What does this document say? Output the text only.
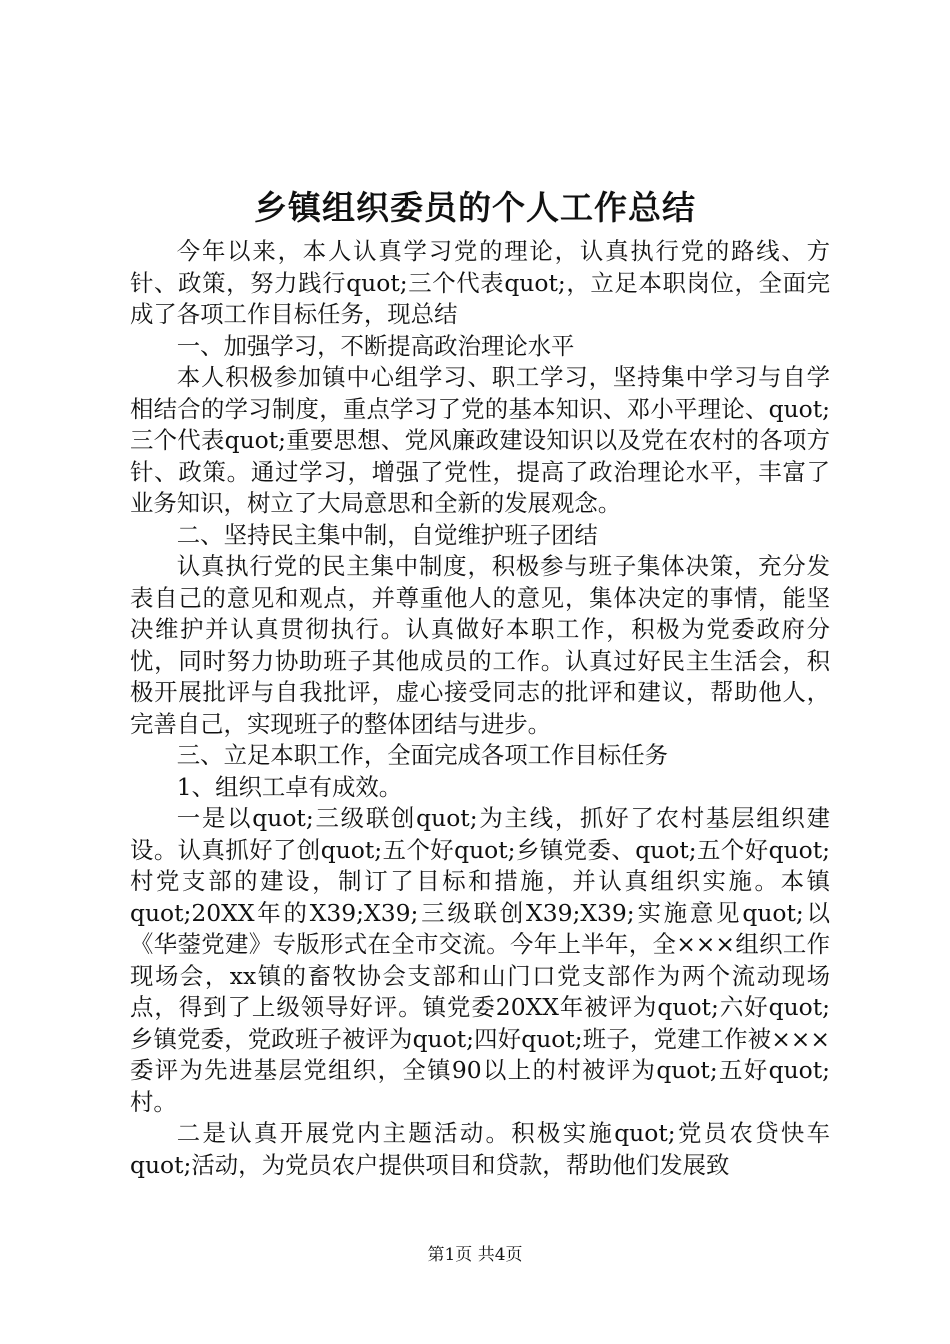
乡镇组织委员的个人工作总结

今年以来，本人认真学习党的理论，认真执行党的路线、方针、政策，努力践行quot;三个代表quot;，立足本职岗位，全面完成了各项工作目标任务，现总结

一、加强学习，不断提高政治理论水平

本人积极参加镇中心组学习、职工学习，坚持集中学习与自学相结合的学习制度，重点学习了党的基本知识、邓小平理论、quot;三个代表quot;重要思想、党风廉政建设知识以及党在农村的各项方针、政策。通过学习，增强了党性，提高了政治理论水平，丰富了业务知识，树立了大局意思和全新的发展观念。

二、坚持民主集中制，自觉维护班子团结

认真执行党的民主集中制度，积极参与班子集体决策，充分发表自己的意见和观点，并尊重他人的意见，集体决定的事情，能坚决维护并认真贯彻执行。认真做好本职工作，积极为党委政府分忧，同时努力协助班子其他成员的工作。认真过好民主生活会，积极开展批评与自我批评，虚心接受同志的批评和建议，帮助他人，完善自己，实现班子的整体团结与进步。

三、立足本职工作，全面完成各项工作目标任务

1、组织工卓有成效。

一是以quot;三级联创quot;为主线，抓好了农村基层组织建设。认真抓好了创quot;五个好quot;乡镇党委、quot;五个好quot;村党支部的建设，制订了目标和措施，并认真组织实施。本镇quot;20XX年的X39;X39;三级联创X39;X39;实施意见quot;以《华蓥党建》专版形式在全市交流。今年上半年，全×××组织工作现场会，xx镇的畜牧协会支部和山门口党支部作为两个流动现场点，得到了上级领导好评。镇党委20XX年被评为quot;六好quot;乡镇党委，党政班子被评为quot;四好quot;班子，党建工作被×××委评为先进基层党组织，全镇90以上的村被评为quot;五好quot;村。

二是认真开展党内主题活动。积极实施quot;党员农贷快车quot;活动，为党员农户提供项目和贷款，帮助他们发展致

第1页 共4页
